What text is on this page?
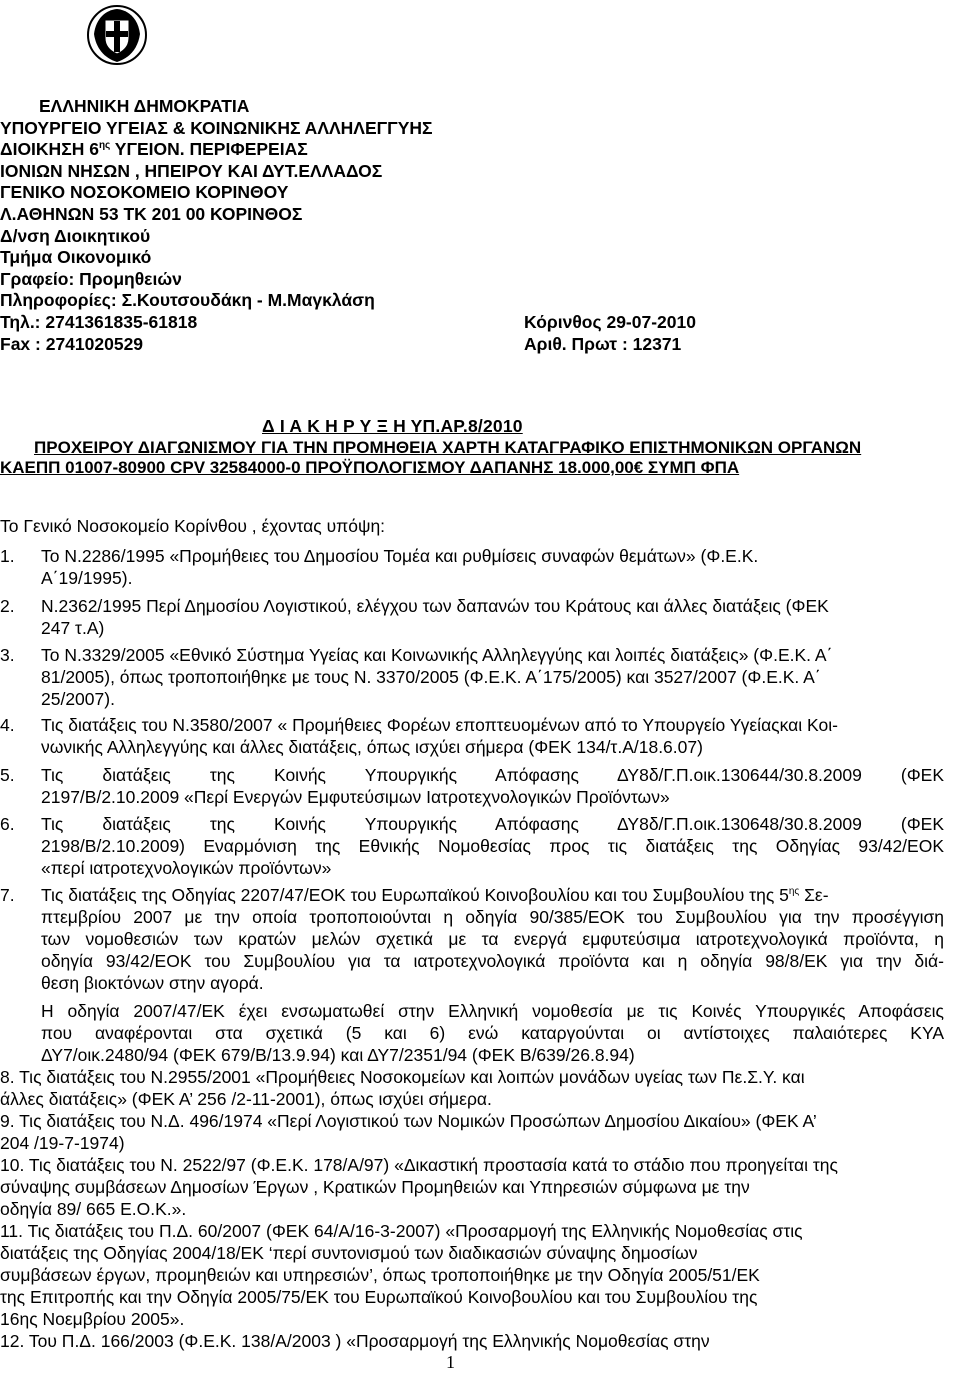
ΕΛΛΗΝΙΚΗ ΔΗΜΟΚΡΑΤΙΑ
ΥΠΟΥΡΓΕΙΟ ΥΓΕΙΑΣ & ΚΟΙΝΩΝΙΚΗΣ ΑΛΛΗΛΕΓΓΥΗΣ
ΔΙΟΙΚΗΣΗ $6^{\eta\varsigma}$ ΥΓΕΙΟΝ. ΠΕΡΙΦΕΡΕΙΑΣ
ΙΟΝΙΩΝ ΝΗΣΩΝ , ΗΠΕΙΡΟΥ ΚΑΙ ΔΥΤ.ΕΛΛΑΔΟΣ
ΓΕΝΙΚΟ ΝΟΣΟΚΟΜΕΙΟ ΚΟΡΙΝΘΟΥ
Λ.ΑΘΗΝΩΝ 53 ΤΚ 201 00 ΚΟΡΙΝΘΟΣ
Δ/νση Διοικητικού
Τμήμα Οικονομικό
Γραφείο: Προμηθειών
Πληροφορίες: Σ.Κουτσουδάκη - Μ.Μαγκλάση
Τηλ.: 2741361835-61818
Fax : 2741020529
Κόρινθος 29-07-2010
Αριθ. Πρωτ : 12371
Δ Ι Α Κ Η Ρ Υ Ξ Η ΥΠ.ΑΡ.8/2010
ΠΡΟΧΕΙΡΟΥ ΔΙΑΓΩΝΙΣΜΟΥ ΓΙΑ ΤΗΝ ΠΡΟΜΗΘΕΙΑ ΧΑΡΤΗ ΚΑΤΑΓΡΑΦΙΚΟ ΕΠΙΣΤΗΜΟΝΙΚΩΝ ΟΡΓΑΝΩΝ
ΚΑΕΠΠ 01007-80900 CPV 32584000-0 ΠΡΟΫΠΟΛΟΓΙΣΜΟΥ ΔΑΠΑΝΗΣ 18.000,00€ ΣΥΜΠ ΦΠΑ
Το Γενικό Νοσοκομείο Κορίνθου , έχοντας υπόψη:
1. Το Ν.2286/1995 «Προμήθειες του Δημοσίου Τομέα και ρυθμίσεις συναφών θεμάτων» (Φ.Ε.Κ.
Α΄19/1995).
2. Ν.2362/1995 Περί Δημοσίου Λογιστικού, ελέγχου των δαπανών του Κράτους και άλλες διατάξεις (ΦΕΚ
247 τ.Α)
3. Το Ν.3329/2005 «Εθνικό Σύστημα Υγείας και Κοινωνικής Αλληλεγγύης και λοιπές διατάξεις» (Φ.Ε.Κ. Α΄
81/2005), όπως τροποποιήθηκε με τους Ν. 3370/2005 (Φ.Ε.Κ. Α΄175/2005) και 3527/2007 (Φ.Ε.Κ. Α΄
25/2007).
4. Τις διατάξεις του Ν.3580/2007 « Προμήθειες Φορέων εποπτευομένων από το Υπουργείο Υγείαςκαι Κοι-
νωνικής Αλληλεγγύης και άλλες διατάξεις, όπως ισχύει σήμερα (ΦΕΚ 134/τ.Α/18.6.07)
5. Τις διατάξεις της Κοινής Υπουργικής Απόφασης ΔΥ8δ/Γ.Π.οικ.130644/30.8.2009 (ΦΕΚ
2197/Β/2.10.2009 «Περί Ενεργών Εμφυτεύσιμων Ιατροτεχνολογικών Προϊόντων»
6. Τις διατάξεις της Κοινής Υπουργικής Απόφασης ΔΥ8δ/Γ.Π.οικ.130648/30.8.2009 (ΦΕΚ
2198/Β/2.10.2009) Εναρμόνιση της Εθνικής Νομοθεσίας προς τις διατάξεις της Οδηγίας 93/42/ΕΟΚ
«περί ιατροτεχνολογικών προϊόντων»
7. Τις διατάξεις της Οδηγίας 2207/47/ΕΟΚ του Ευρωπαϊκού Κοινοβουλίου και του Συμβουλίου της $5^{\eta\varsigma}$ Σε-
πτεμβρίου 2007 με την οποία τροποποιούνται η οδηγία 90/385/ΕΟΚ του Συμβουλίου για την προσέγγιση
των νομοθεσιών των κρατών μελών σχετικά με τα ενεργά εμφυτεύσιμα ιατροτεχνολογικά προϊόντα, η
οδηγία 93/42/ΕΟΚ του Συμβουλίου για τα ιατροτεχνολογικά προϊόντα και η οδηγία 98/8/ΕΚ για την διά-
θεση βιοκτόνων στην αγορά.
Η οδηγία 2007/47/ΕΚ έχει ενσωματωθεί στην Ελληνική νομοθεσία με τις Κοινές Υπουργικές Αποφάσεις
που αναφέρονται στα σχετικά (5 και 6) ενώ καταργούνται οι αντίστοιχες παλαιότερες ΚΥΑ
ΔΥ7/οικ.2480/94 (ΦΕΚ 679/Β/13.9.94) και ΔΥ7/2351/94 (ΦΕΚ Β/639/26.8.94)
8. Τις διατάξεις του Ν.2955/2001 «Προμήθειες Νοσοκομείων και λοιπών μονάδων υγείας των Πε.Σ.Υ. και
άλλες διατάξεις» (ΦΕΚ Α’ 256 /2-11-2001), όπως ισχύει σήμερα.
9. Τις διατάξεις του Ν.Δ. 496/1974 «Περί Λογιστικού των Νομικών Προσώπων Δημοσίου Δικαίου» (ΦΕΚ Α’
204 /19-7-1974)
10. Τις διατάξεις του Ν. 2522/97 (Φ.Ε.Κ. 178/Α/97) «Δικαστική προστασία κατά το στάδιο που προηγείται της
σύναψης συμβάσεων Δημοσίων Έργων , Κρατικών Προμηθειών και Υπηρεσιών σύμφωνα με την
οδηγία 89/ 665 Ε.Ο.Κ.».
11. Τις διατάξεις του Π.Δ. 60/2007 (ΦΕΚ 64/Α/16-3-2007) «Προσαρμογή της Ελληνικής Νομοθεσίας στις
διατάξεις της Οδηγίας 2004/18/ΕΚ ‘περί συντονισμού των διαδικασιών σύναψης δημοσίων
συμβάσεων έργων, προμηθειών και υπηρεσιών’, όπως τροποποιήθηκε με την Οδηγία 2005/51/ΕΚ
της Επιτροπής και την Οδηγία 2005/75/ΕΚ του Ευρωπαϊκού Κοινοβουλίου και του Συμβουλίου της
16ης Νοεμβρίου 2005».
12. Του Π.Δ. 166/2003 (Φ.Ε.Κ. 138/Α/2003 ) «Προσαρμογή της Ελληνικής Νομοθεσίας στην
1
